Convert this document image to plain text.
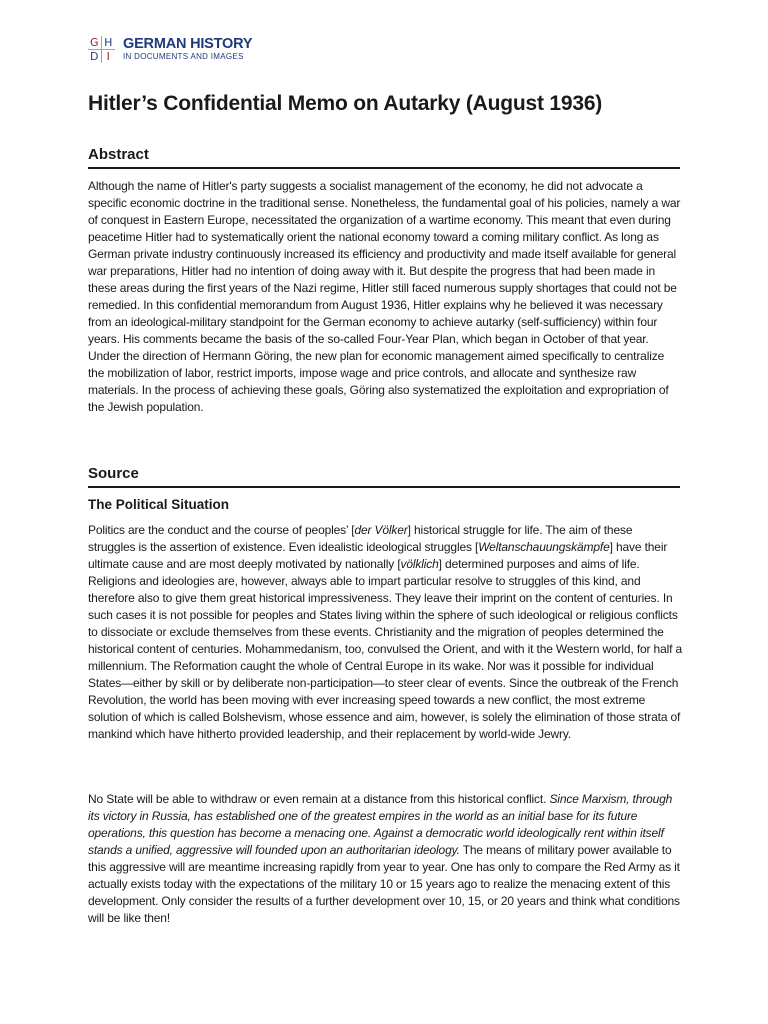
G H
D I
GERMAN HISTORY
IN DOCUMENTS AND IMAGES
Hitler’s Confidential Memo on Autarky (August 1936)
Abstract

Although the name of Hitler's party suggests a socialist management of the economy, he did not advocate a specific economic doctrine in the traditional sense. Nonetheless, the fundamental goal of his policies, namely a war of conquest in Eastern Europe, necessitated the organization of a wartime economy. This meant that even during peacetime Hitler had to systematically orient the national economy toward a coming military conflict. As long as German private industry continuously increased its efficiency and productivity and made itself available for general war preparations, Hitler had no intention of doing away with it. But despite the progress that had been made in these areas during the first years of the Nazi regime, Hitler still faced numerous supply shortages that could not be remedied. In this confidential memorandum from August 1936, Hitler explains why he believed it was necessary from an ideological-military standpoint for the German economy to achieve autarky (self-sufficiency) within four years. His comments became the basis of the so-called Four-Year Plan, which began in October of that year. Under the direction of Hermann Göring, the new plan for economic management aimed specifically to centralize the mobilization of labor, restrict imports, impose wage and price controls, and allocate and synthesize raw materials. In the process of achieving these goals, Göring also systematized the exploitation and expropriation of the Jewish population.

Source
The Political Situation

Politics are the conduct and the course of peoples’ [der Völker] historical struggle for life. The aim of these struggles is the assertion of existence. Even idealistic ideological struggles [Weltanschauungskämpfe] have their ultimate cause and are most deeply motivated by nationally [völklich] determined purposes and aims of life. Religions and ideologies are, however, always able to impart particular resolve to struggles of this kind, and therefore also to give them great historical impressiveness. They leave their imprint on the content of centuries. In such cases it is not possible for peoples and States living within the sphere of such ideological or religious conflicts to dissociate or exclude themselves from these events. Christianity and the migration of peoples determined the historical content of centuries. Mohammedanism, too, convulsed the Orient, and with it the Western world, for half a millennium. The Reformation caught the whole of Central Europe in its wake. Nor was it possible for individual States—either by skill or by deliberate non-participation—to steer clear of events. Since the outbreak of the French Revolution, the world has been moving with ever increasing speed towards a new conflict, the most extreme solution of which is called Bolshevism, whose essence and aim, however, is solely the elimination of those strata of mankind which have hitherto provided leadership, and their replacement by world-wide Jewry.

No State will be able to withdraw or even remain at a distance from this historical conflict. Since Marxism, through its victory in Russia, has established one of the greatest empires in the world as an initial base for its future operations, this question has become a menacing one. Against a democratic world ideologically rent within itself stands a unified, aggressive will founded upon an authoritarian ideology. The means of military power available to this aggressive will are meantime increasing rapidly from year to year. One has only to compare the Red Army as it actually exists today with the expectations of the military 10 or 15 years ago to realize the menacing extent of this development. Only consider the results of a further development over 10, 15, or 20 years and think what conditions will be like then!
